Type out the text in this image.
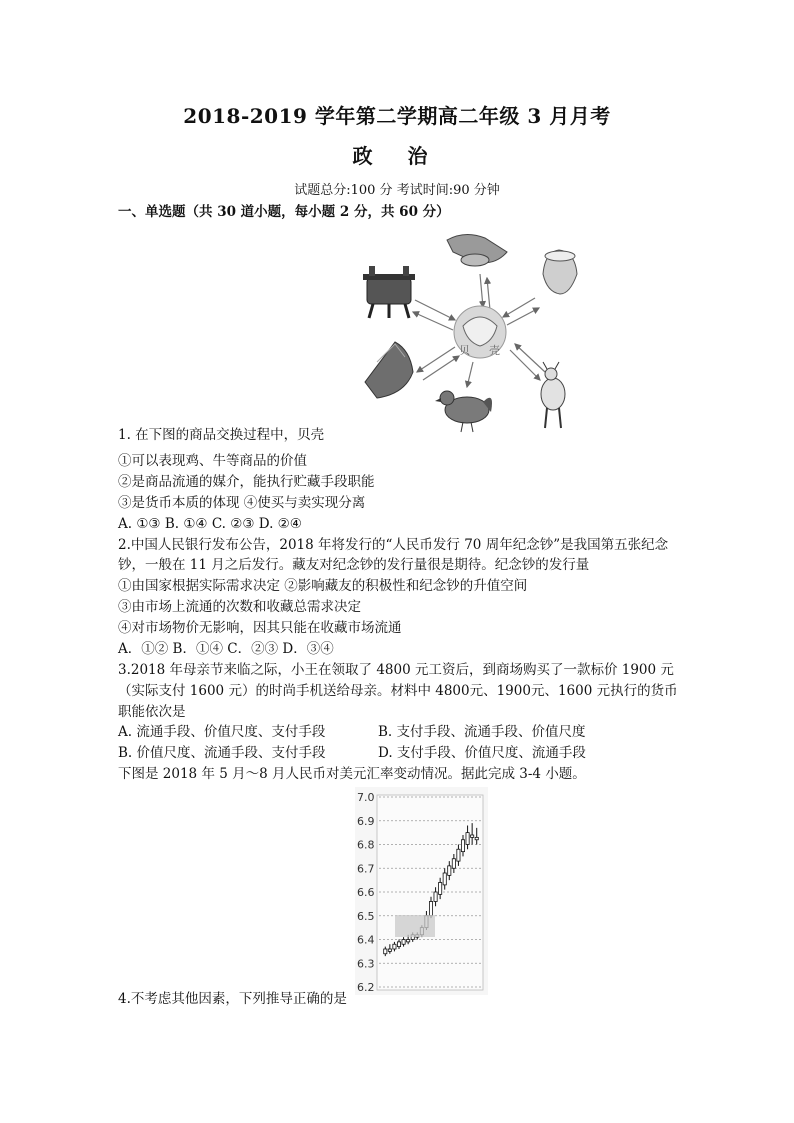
2018-2019 学年第二学期高二年级 3 月月考
政 治
试题总分:100 分 考试时间:90 分钟
一、单选题（共 30 道小题，每小题 2 分，共 60 分）
贝 壳
1. 在下图的商品交换过程中，贝壳
①可以表现鸡、牛等商品的价值
②是商品流通的媒介，能执行贮藏手段职能
③是货币本质的体现 ④使买与卖实现分离
A. ①③ B. ①④ C. ②③ D. ②④
2.中国人民银行发布公告，2018 年将发行的“人民币发行 70 周年纪念钞”是我国第五张纪念
钞，一般在 11 月之后发行。藏友对纪念钞的发行量很是期待。纪念钞的发行量
①由国家根据实际需求决定 ②影响藏友的积极性和纪念钞的升值空间
③由市场上流通的次数和收藏总需求决定
④对市场物价无影响，因其只能在收藏市场流通
A．①② B．①④ C．②③ D．③④
3.2018 年母亲节来临之际，小王在领取了 4800 元工资后，到商场购买了一款标价 1900 元
（实际支付 1600 元）的时尚手机送给母亲。材料中 4800元、1900元、1600 元执行的货币
职能依次是
A. 流通手段、价值尺度、支付手段	B. 支付手段、流通手段、价值尺度
B. 价值尺度、流通手段、支付手段	D. 支付手段、价值尺度、流通手段
下图是 2018 年 5 月～8 月人民币对美元汇率变动情况。据此完成 3-4 小题。
7.0
6.9
6.8
6.7
6.6
6.5
6.4
6.3
6.2
4.不考虑其他因素，下列推导正确的是
